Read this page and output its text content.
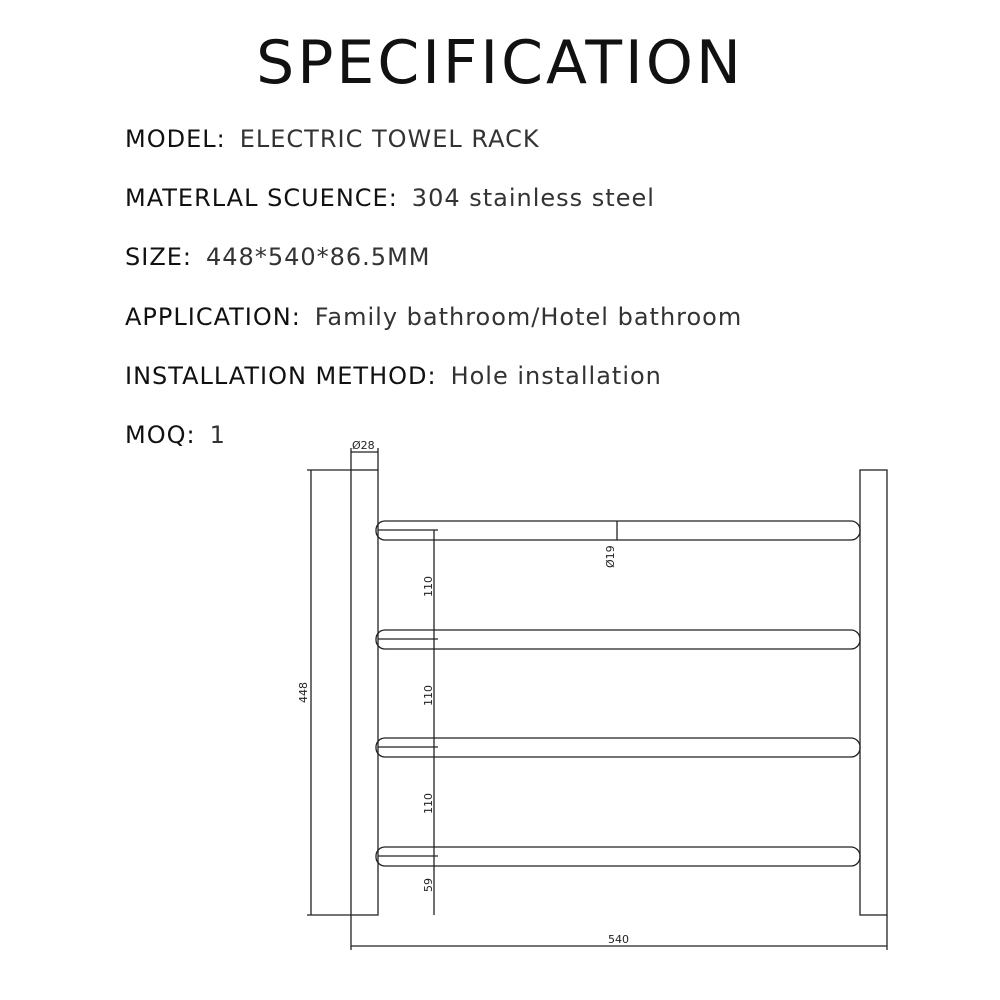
SPECIFICATION
MODEL: ELECTRIC TOWEL RACK
MATERLAL SCUENCE: 304 stainless steel
SIZE: 448*540*86.5MM
APPLICATION: Family bathroom/Hotel bathroom
INSTALLATION METHOD: Hole installation
MOQ: 1	Ø28
Ø19
448
110
110
110
59
540
